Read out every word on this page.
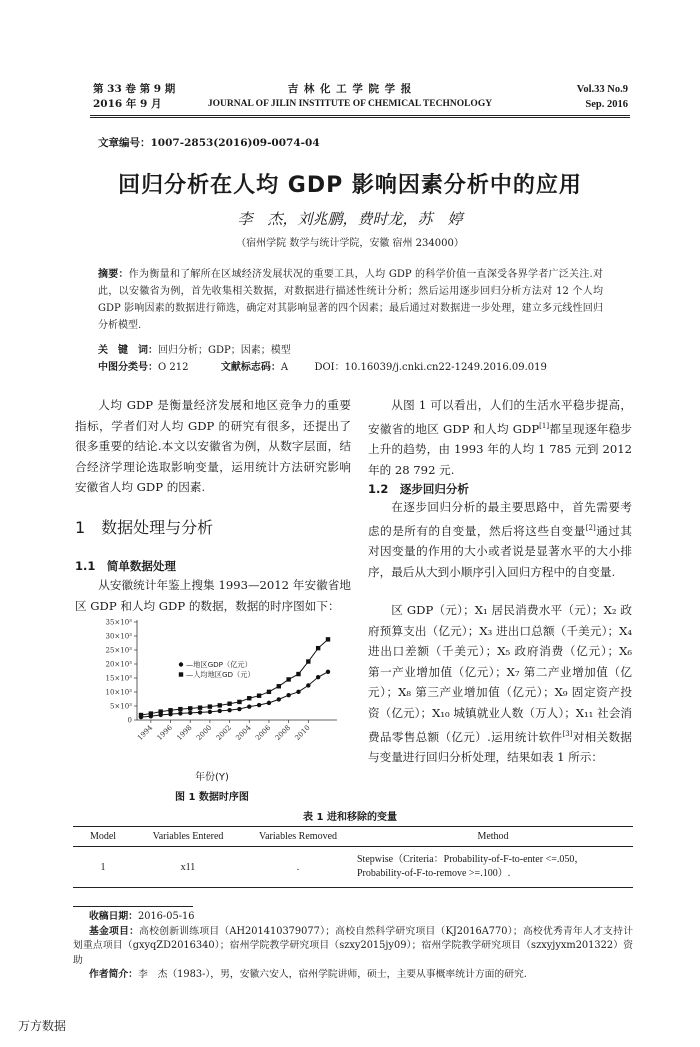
第 33 卷 第 9 期
2016 年 9 月
吉 林 化 工 学 院 学 报
JOURNAL OF JILIN INSTITUTE OF CHEMICAL TECHNOLOGY
Vol.33 No.9
Sep. 2016
文章编号：1007-2853(2016)09-0074-04
回归分析在人均 GDP 影响因素分析中的应用
李　杰，刘兆鹏，费时龙，苏　婷
（宿州学院 数学与统计学院，安徽 宿州 234000）
摘要：作为衡量和了解所在区域经济发展状况的重要工具，人均 GDP 的科学价值一直深受各界学者广泛关注.对此，以安徽省为例，首先收集相关数据，对数据进行描述性统计分析；然后运用逐步回归分析方法对 12 个人均 GDP 影响因素的数据进行筛选，确定对其影响显著的四个因素；最后通过对数据进一步处理，建立多元线性回归分析模型.
关　键　词：回归分析；GDP；因素；模型
中图分类号：O 212	文献标志码：A	DOI：10.16039/j.cnki.cn22-1249.2016.09.019
人均 GDP 是衡量经济发展和地区竞争力的重要指标，学者们对人均 GDP 的研究有很多，还提出了很多重要的结论.本文以安徽省为例，从数字层面，结合经济学理论选取影响变量，运用统计方法研究影响安徽省人均 GDP 的因素.
1　数据处理与分析
1.1　简单数据处理
从安徽统计年鉴上搜集 1993—2012 年安徽省地区 GDP 和人均 GDP 的数据，数据的时序图如下：
0
5×10³
10×10³
15×10³
20×10³
25×10³
30×10³
35×10³
1994 1996 1998 2000 2002 2004 2006 2008 2010
—地区GDP（亿元）
—人均地区GD（元）
年份(Y)
图 1 数据时序图
从图 1 可以看出，人们的生活水平稳步提高，安徽省的地区 GDP 和人均 GDP[1]都呈现逐年稳步上升的趋势，由 1993 年的人均 1 785 元到 2012 年的 28 792 元.
1.2　逐步回归分析
在逐步回归分析的最主要思路中，首先需要考虑的是所有的自变量，然后将这些自变量[2]通过其对因变量的作用的大小或者说是显著水平的大小排序，最后从大到小顺序引入回归方程中的自变量.
区 GDP（元）；X₁ 居民消费水平（元）；X₂ 政府预算支出（亿元）；X₃ 进出口总额（千美元）；X₄ 进出口差额（千美元）；X₅ 政府消费（亿元）；X₆ 第一产业增加值（亿元）；X₇ 第二产业增加值（亿元）；X₈ 第三产业增加值（亿元）；X₉ 固定资产投资（亿元）；X₁₀ 城镇就业人数（万人）；X₁₁ 社会消费品零售总额（亿元）.运用统计软件[3]对相关数据与变量进行回归分析处理，结果如表 1 所示：
表 1 进和移除的变量
Model	Variables Entered	Variables Removed	Method
1	x11	.	Stepwise（Criteria：Probability-of-F-to-enter <=.050，Probability-of-F-to-remove >=.100）.
收稿日期：2016-05-16
基金项目：高校创新训练项目（AH201410379077）；高校自然科学研究项目（KJ2016A770）；高校优秀青年人才支持计划重点项目（gxyqZD2016340）；宿州学院教学研究项目（szxy2015jy09）；宿州学院教学研究项目（szxyjyxm201322）资助
作者简介：李　杰（1983-），男，安徽六安人，宿州学院讲师，硕士，主要从事概率统计方面的研究.
万方数据
